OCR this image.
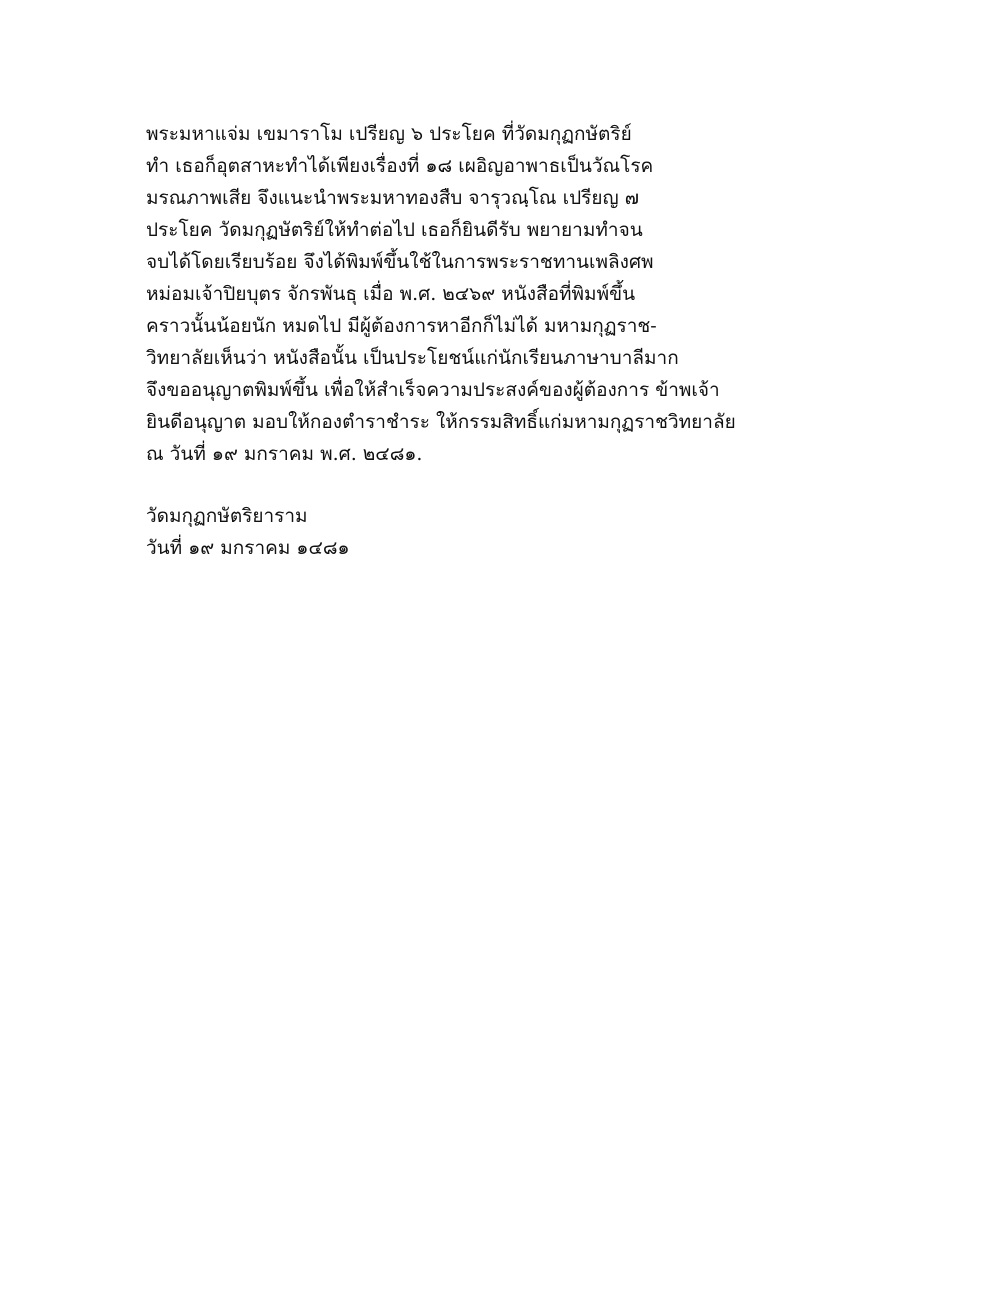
พระมหาแจ่ม เขมาราโม เปรียญ ๖ ประโยค ที่วัดมกุฏกษัตริย์
ทำ เธอก็อุตสาหะทำได้เพียงเรื่องที่ ๑๘ เผอิญอาพาธเป็นวัณโรค
มรณภาพเสีย จึงแนะนำพระมหาทองสืบ จารุวณฺโณ เปรียญ ๗
ประโยค วัดมกุฏษัตริย์ให้ทำต่อไป เธอก็ยินดีรับ พยายามทำจน
จบได้โดยเรียบร้อย จึงได้พิมพ์ขึ้นใช้ในการพระราชทานเพลิงศพ
หม่อมเจ้าปิยบุตร จักรพันธุ เมื่อ พ.ศ. ๒๔๖๙ หนังสือที่พิมพ์ขึ้น
คราวนั้นน้อยนัก หมดไป มีผู้ต้องการหาอีกก็ไม่ได้ มหามกุฏราช-
วิทยาลัยเห็นว่า หนังสือนั้น เป็นประโยชน์แก่นักเรียนภาษาบาลีมาก
จึงขออนุญาตพิมพ์ขึ้น เพื่อให้สำเร็จความประสงค์ของผู้ต้องการ ข้าพเจ้า
ยินดีอนุญาต มอบให้กองตำราชำระ ให้กรรมสิทธิ์แก่มหามกุฏราชวิทยาลัย
ณ วันที่ ๑๙ มกราคม พ.ศ. ๒๔๘๑.
วัดมกุฏกษัตริยาราม
วันที่ ๑๙ มกราคม ๑๔๘๑
